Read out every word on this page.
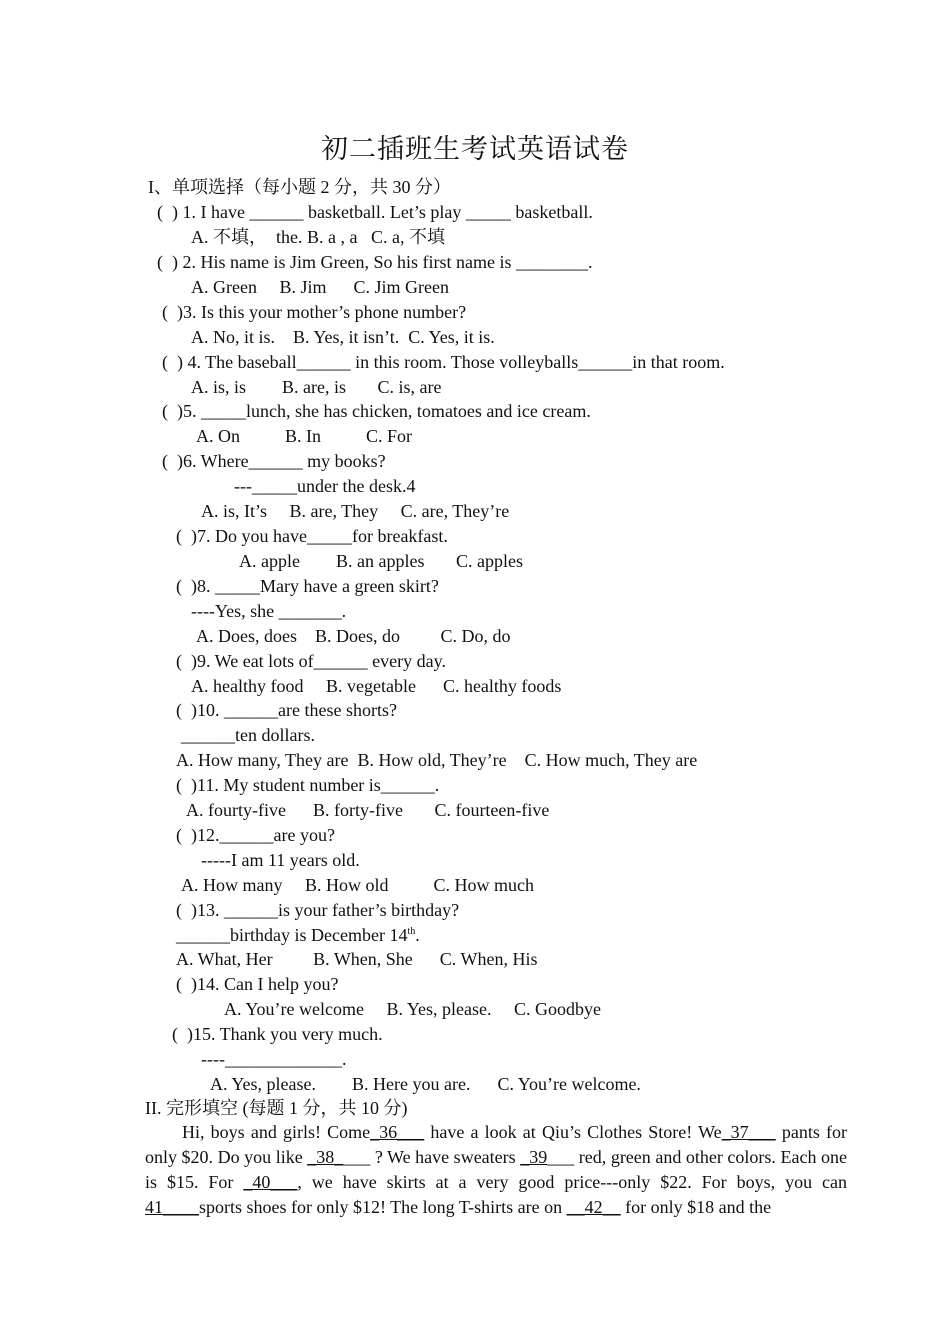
初二插班生考试英语试卷
I、单项选择（每小题 2 分，共 30 分）
(  ) 1. I have ______ basketball. Let’s play _____ basketball.
A. 不填，  the. B. a , a   C. a, 不填
(  ) 2. His name is Jim Green, So his first name is ________.
A. Green     B. Jim      C. Jim Green
(  )3. Is this your mother’s phone number?
A. No, it is.    B. Yes, it isn’t.  C. Yes, it is.
(  ) 4. The baseball______ in this room. Those volleyballs______in that room.
A. is, is        B. are, is       C. is, are
(  )5. _____lunch, she has chicken, tomatoes and ice cream.
A. On          B. In          C. For
(  )6. Where______ my books?
---_____under the desk.4
A. is, It’s     B. are, They     C. are, They’re
(  )7. Do you have_____for breakfast.
A. apple        B. an apples       C. apples
(  )8. _____Mary have a green skirt?
----Yes, she _______.
A. Does, does    B. Does, do         C. Do, do
(  )9. We eat lots of______ every day.
A. healthy food     B. vegetable      C. healthy foods
(  )10. ______are these shorts?
______ten dollars.
A. How many, They are  B. How old, They’re    C. How much, They are
(  )11. My student number is______.
A. fourty-five      B. forty-five       C. fourteen-five
(  )12.______are you?
-----I am 11 years old.
A. How many     B. How old          C. How much
(  )13. ______is your father’s birthday?
______birthday is December 14th.
A. What, Her         B. When, She      C. When, His
(  )14. Can I help you?
A. You’re welcome     B. Yes, please.     C. Goodbye
(  )15. Thank you very much.
----_____________.
A. Yes, please.        B. Here you are.      C. You’re welcome.
II. 完形填空 (每题 1 分，共 10 分)
Hi, boys and girls! Come_36___ have a look at Qiu’s Clothes Store! We_37___ pants for only $20. Do you like _38____ ? We have sweaters _39___ red, green and other colors. Each one is $15. For _40___, we have skirts at a very good price---only $22. For boys, you can 41____sports shoes for only $12! The long T-shirts are on __42__ for only $18 and the
